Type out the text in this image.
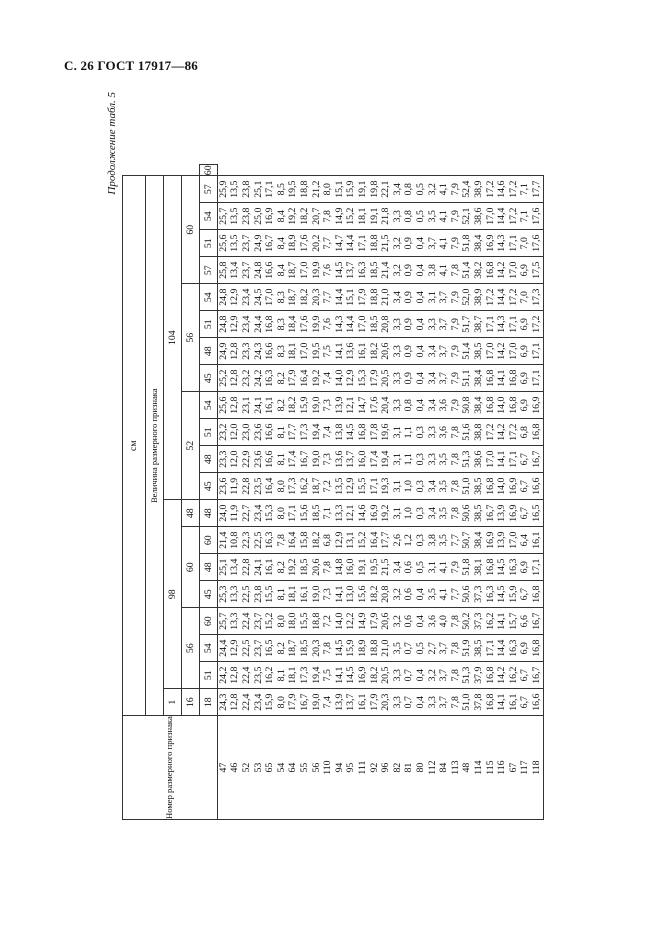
С. 26 ГОСТ 17917—86
Продолжение табл. 5
Номер размерного признака	см																				
	Величина размерного признака																				
	1	98							104												
	16	56			60			48	52				56				60				
	18	51	54	60	45	48	60	48	45	48	51	54	45	48	51	54	57	51	54	57	60
47	24,3	24,2	24,4	25,7	25,3	25,1	21,4	24,0	23,6	23,3	23,2	25,6	25,2	24,9	24,8	24,8	25,8	25,6	25,7	25,9	
46	12,8	12,8	12,9	13,3	13,3	13,4	10,8	11,9	11,9	12,0	12,0	12,8	12,8	12,8	12,9	12,9	13,4	13,5	13,5	13,5	
52	22,4	22,4	22,5	22,4	22,5	22,8	22,3	22,7	22,8	22,9	23,0	23,1	23,2	23,3	23,4	23,4	23,7	23,7	23,8	23,8	
53	23,4	23,5	23,7	23,7	23,8	24,1	22,5	23,4	23,5	23,6	23,6	24,1	24,2	24,3	24,4	24,5	24,8	24,9	25,0	25,1	
65	15,9	16,2	16,5	15,2	15,5	16,1	16,3	15,3	16,4	16,6	16,6	16,1	16,3	16,6	16,8	17,0	16,6	16,7	16,9	17,1	
54	8,0	8,1	8,2	8,0	8,1	8,2	7,8	8,0	8,0	8,1	8,1	8,2	8,2	8,3	8,3	8,3	8,4	8,4	8,4	8,5	
64	17,9	18,1	18,7	18,0	18,1	19,2	16,4	17,1	17,3	17,4	17,7	18,2	17,9	18,1	18,4	18,7	18,7	18,9	19,2	19,5	
55	16,7	17,3	18,5	15,5	16,1	18,5	15,8	15,6	16,2	16,7	17,3	15,9	16,4	17,0	17,6	18,2	17,0	17,6	18,2	18,8	
56	19,0	19,4	20,3	18,8	19,0	20,6	18,2	18,5	18,7	19,0	19,4	19,0	19,2	19,5	19,9	20,3	19,9	20,2	20,7	21,2	
110	7,4	7,5	7,8	7,2	7,3	7,8	6,8	7,1	7,2	7,3	7,4	7,3	7,4	7,5	7,6	7,7	7,6	7,7	7,8	8,0	
94	13,9	14,1	14,5	14,0	14,1	14,8	12,9	13,3	13,5	13,6	13,8	13,9	14,0	14,1	14,3	14,4	14,5	14,7	14,9	15,1	
95	13,7	14,5	15,9	12,2	13,0	16,0	13,1	12,1	12,9	13,7	14,5	12,1	12,9	13,6	14,4	15,1	13,7	14,4	15,2	15,9	
111	16,1	16,9	18,9	14,9	15,6	19,1	15,2	14,6	15,5	16,0	16,8	14,7	15,3	16,1	17,0	17,9	16,3	17,1	18,1	19,1	
92	17,9	18,2	18,8	17,9	18,2	19,5	16,4	16,9	17,1	17,4	17,8	17,6	17,9	18,2	18,5	18,8	18,5	18,8	19,1	19,8	
96	20,3	20,5	21,0	20,6	20,8	21,5	17,7	19,2	19,3	19,4	19,6	20,4	20,5	20,6	20,8	21,0	21,4	21,5	21,8	22,1	
82	3,3	3,3	3,5	3,2	3,2	3,4	2,6	3,1	3,1	3,1	3,1	3,3	3,3	3,3	3,3	3,4	3,2	3,2	3,3	3,4	
81	0,7	0,7	0,7	0,6	0,6	0,6	1,2	1,0	1,0	1,1	1,1	0,8	0,9	0,9	0,9	0,9	0,9	0,9	0,8	0,8	
80	0,4	0,4	0,5	0,4	0,4	0,5	0,3	0,3	0,3	0,3	0,3	0,4	0,4	0,4	0,4	0,4	0,4	0,4	0,5	0,5	
112	3,3	3,2	2,7	3,6	3,5	3,1	3,8	3,4	3,4	3,3	3,3	3,4	3,4	3,4	3,3	3,1	3,8	3,7	3,5	3,2	
84	3,7	3,7	3,7	4,0	4,1	4,1	3,5	3,5	3,5	3,5	3,6	3,6	3,7	3,7	3,7	3,7	4,1	4,1	4,1	4,1	
113	7,8	7,8	7,8	7,8	7,7	7,9	7,7	7,8	7,8	7,8	7,8	7,9	7,9	7,9	7,9	7,9	7,8	7,9	7,9	7,9	
48	51,0	51,3	51,9	50,2	50,6	51,8	50,7	50,6	51,0	51,3	51,6	50,8	51,1	51,4	51,7	52,0	51,4	51,8	52,1	52,4	
114	37,8	37,9	38,5	37,3	37,3	38,1	38,4	38,5	38,5	38,6	38,8	38,4	38,4	38,5	38,7	38,9	38,2	38,4	38,6	38,9	
115	16,8	16,8	17,1	16,2	16,3	16,8	16,9	16,7	16,8	17,0	17,2	16,8	16,8	17,0	17,1	17,2	16,8	16,9	17,0	17,2	
116	14,1	14,2	14,4	14,1	14,5	14,5	13,9	13,9	14,0	14,1	14,2	14,0	14,1	14,2	14,3	14,4	14,2	14,3	14,4	14,6	
67	16,1	16,2	16,3	15,7	15,9	16,3	17,0	16,9	16,9	17,1	17,2	16,8	16,8	17,0	17,1	17,2	17,0	17,1	17,2	17,2	
117	6,7	6,7	6,9	6,6	6,7	6,9	6,4	6,7	6,7	6,7	6,8	6,9	6,9	6,9	6,9	7,0	6,9	7,0	7,1	7,1	
118	16,6	16,7	16,8	16,7	16,8	17,1	16,1	16,5	16,6	16,7	16,8	16,9	17,1	17,1	17,2	17,3	17,5	17,6	17,6	17,7	
